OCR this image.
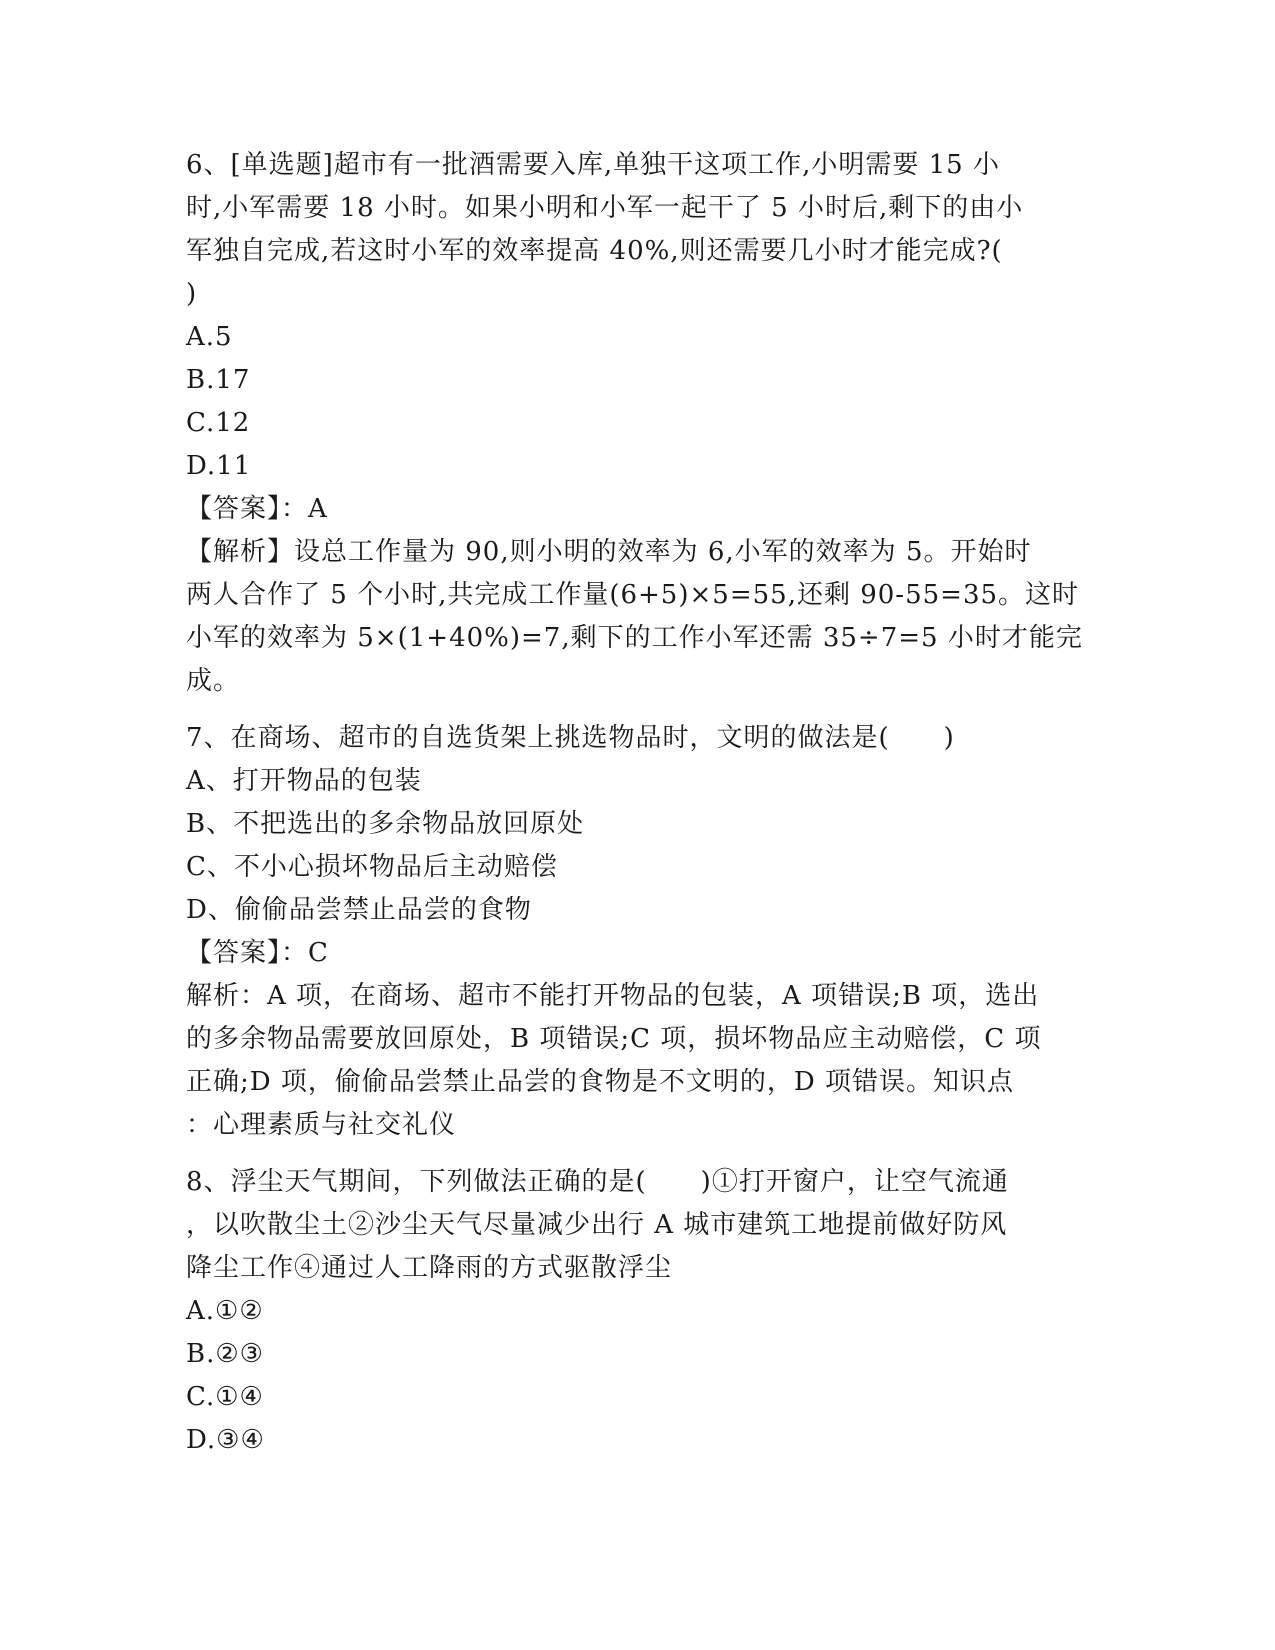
6、[单选题]超市有一批酒需要入库,单独干这项工作,小明需要 15 小
时,小军需要 18 小时。如果小明和小军一起干了 5 小时后,剩下的由小
军独自完成,若这时小军的效率提高 40%,则还需要几小时才能完成?(
)
A.5
B.17
C.12
D.11
【答案】：A
【解析】设总工作量为 90,则小明的效率为 6,小军的效率为 5。开始时
两人合作了 5 个小时,共完成工作量(6+5)×5=55,还剩 90-55=35。这时
小军的效率为 5×(1+40%)=7,剩下的工作小军还需 35÷7=5 小时才能完
成。
7、在商场、超市的自选货架上挑选物品时，文明的做法是(　　)
A、打开物品的包装
B、不把选出的多余物品放回原处
C、不小心损坏物品后主动赔偿
D、偷偷品尝禁止品尝的食物
【答案】：C
解析：A 项，在商场、超市不能打开物品的包装，A 项错误;B 项，选出
的多余物品需要放回原处，B 项错误;C 项，损坏物品应主动赔偿，C 项
正确;D 项，偷偷品尝禁止品尝的食物是不文明的，D 项错误。知识点
：心理素质与社交礼仪
8、浮尘天气期间，下列做法正确的是(　　)①打开窗户，让空气流通
，以吹散尘土②沙尘天气尽量减少出行 A 城市建筑工地提前做好防风
降尘工作④通过人工降雨的方式驱散浮尘
A.①②
B.②③
C.①④
D.③④
